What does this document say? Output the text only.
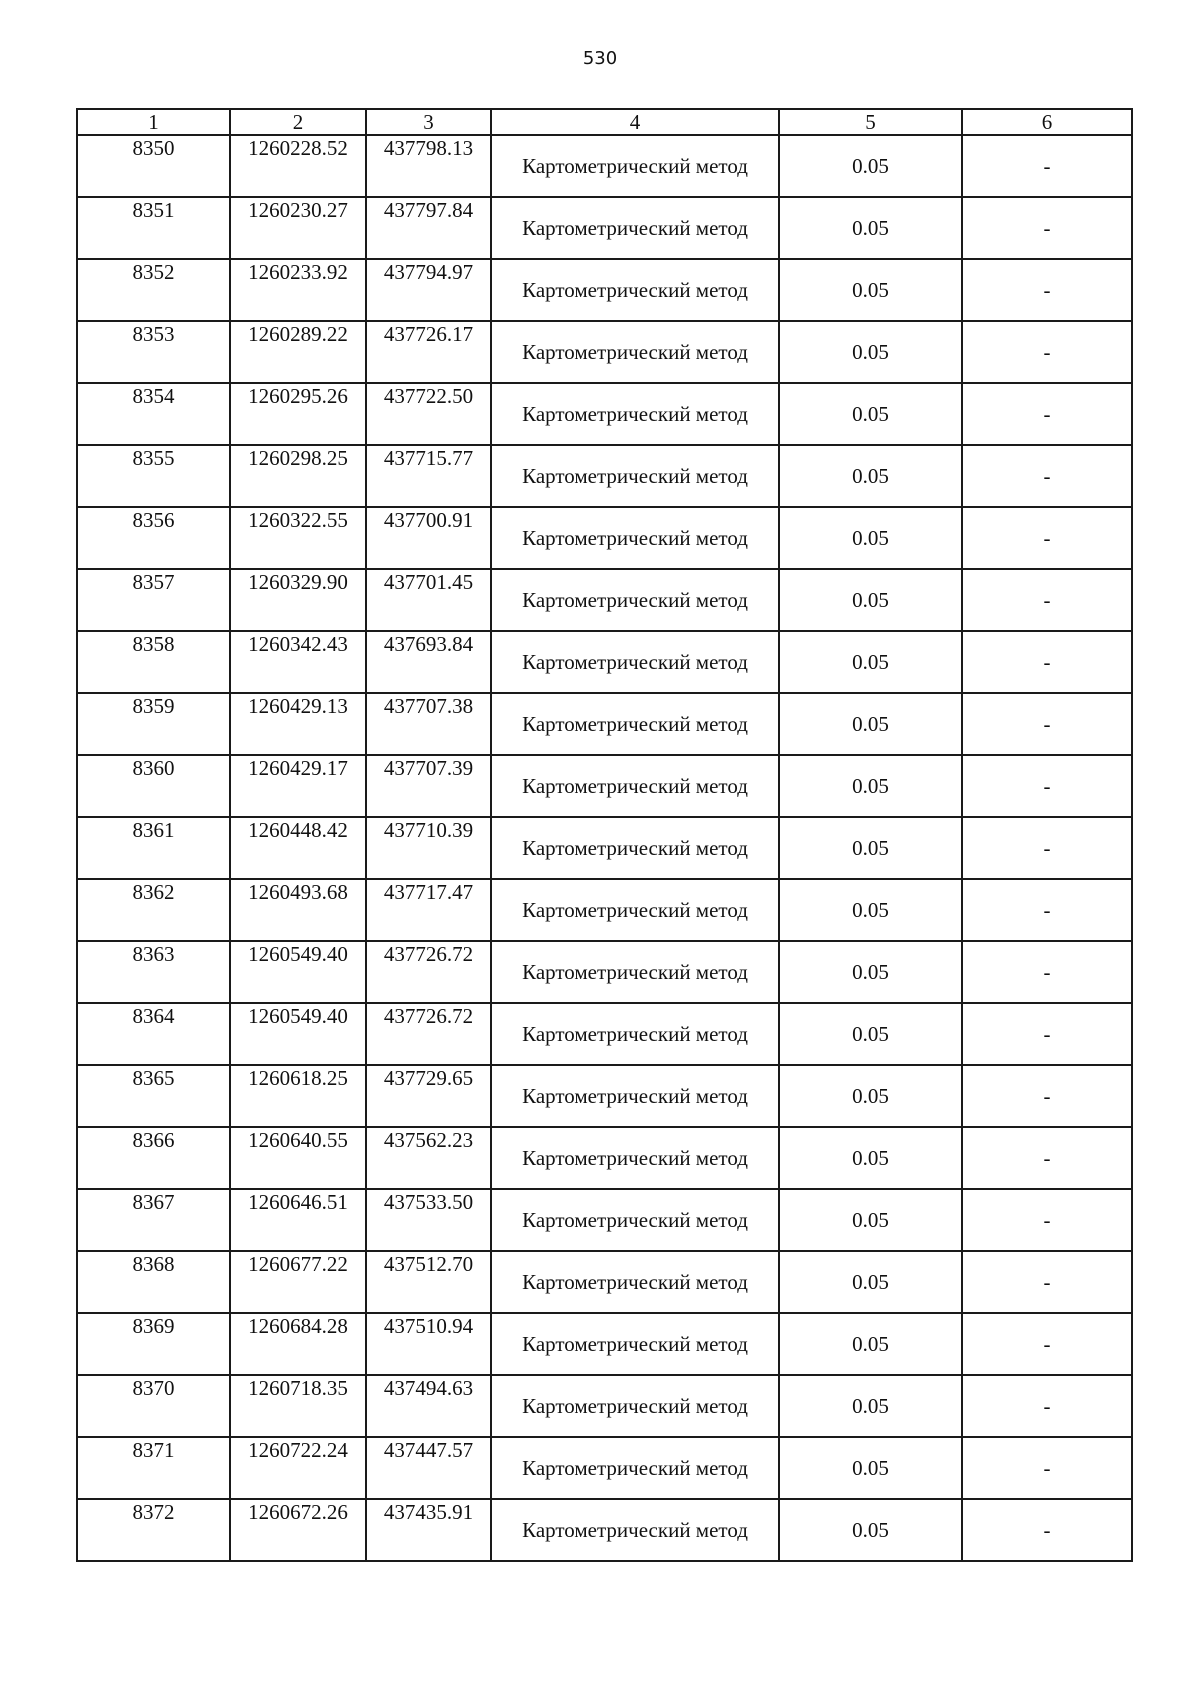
530
1	2	3	4	5	6
8350	1260228.52	437798.13	Картометрический метод	0.05	-
8351	1260230.27	437797.84	Картометрический метод	0.05	-
8352	1260233.92	437794.97	Картометрический метод	0.05	-
8353	1260289.22	437726.17	Картометрический метод	0.05	-
8354	1260295.26	437722.50	Картометрический метод	0.05	-
8355	1260298.25	437715.77	Картометрический метод	0.05	-
8356	1260322.55	437700.91	Картометрический метод	0.05	-
8357	1260329.90	437701.45	Картометрический метод	0.05	-
8358	1260342.43	437693.84	Картометрический метод	0.05	-
8359	1260429.13	437707.38	Картометрический метод	0.05	-
8360	1260429.17	437707.39	Картометрический метод	0.05	-
8361	1260448.42	437710.39	Картометрический метод	0.05	-
8362	1260493.68	437717.47	Картометрический метод	0.05	-
8363	1260549.40	437726.72	Картометрический метод	0.05	-
8364	1260549.40	437726.72	Картометрический метод	0.05	-
8365	1260618.25	437729.65	Картометрический метод	0.05	-
8366	1260640.55	437562.23	Картометрический метод	0.05	-
8367	1260646.51	437533.50	Картометрический метод	0.05	-
8368	1260677.22	437512.70	Картометрический метод	0.05	-
8369	1260684.28	437510.94	Картометрический метод	0.05	-
8370	1260718.35	437494.63	Картометрический метод	0.05	-
8371	1260722.24	437447.57	Картометрический метод	0.05	-
8372	1260672.26	437435.91	Картометрический метод	0.05	-
